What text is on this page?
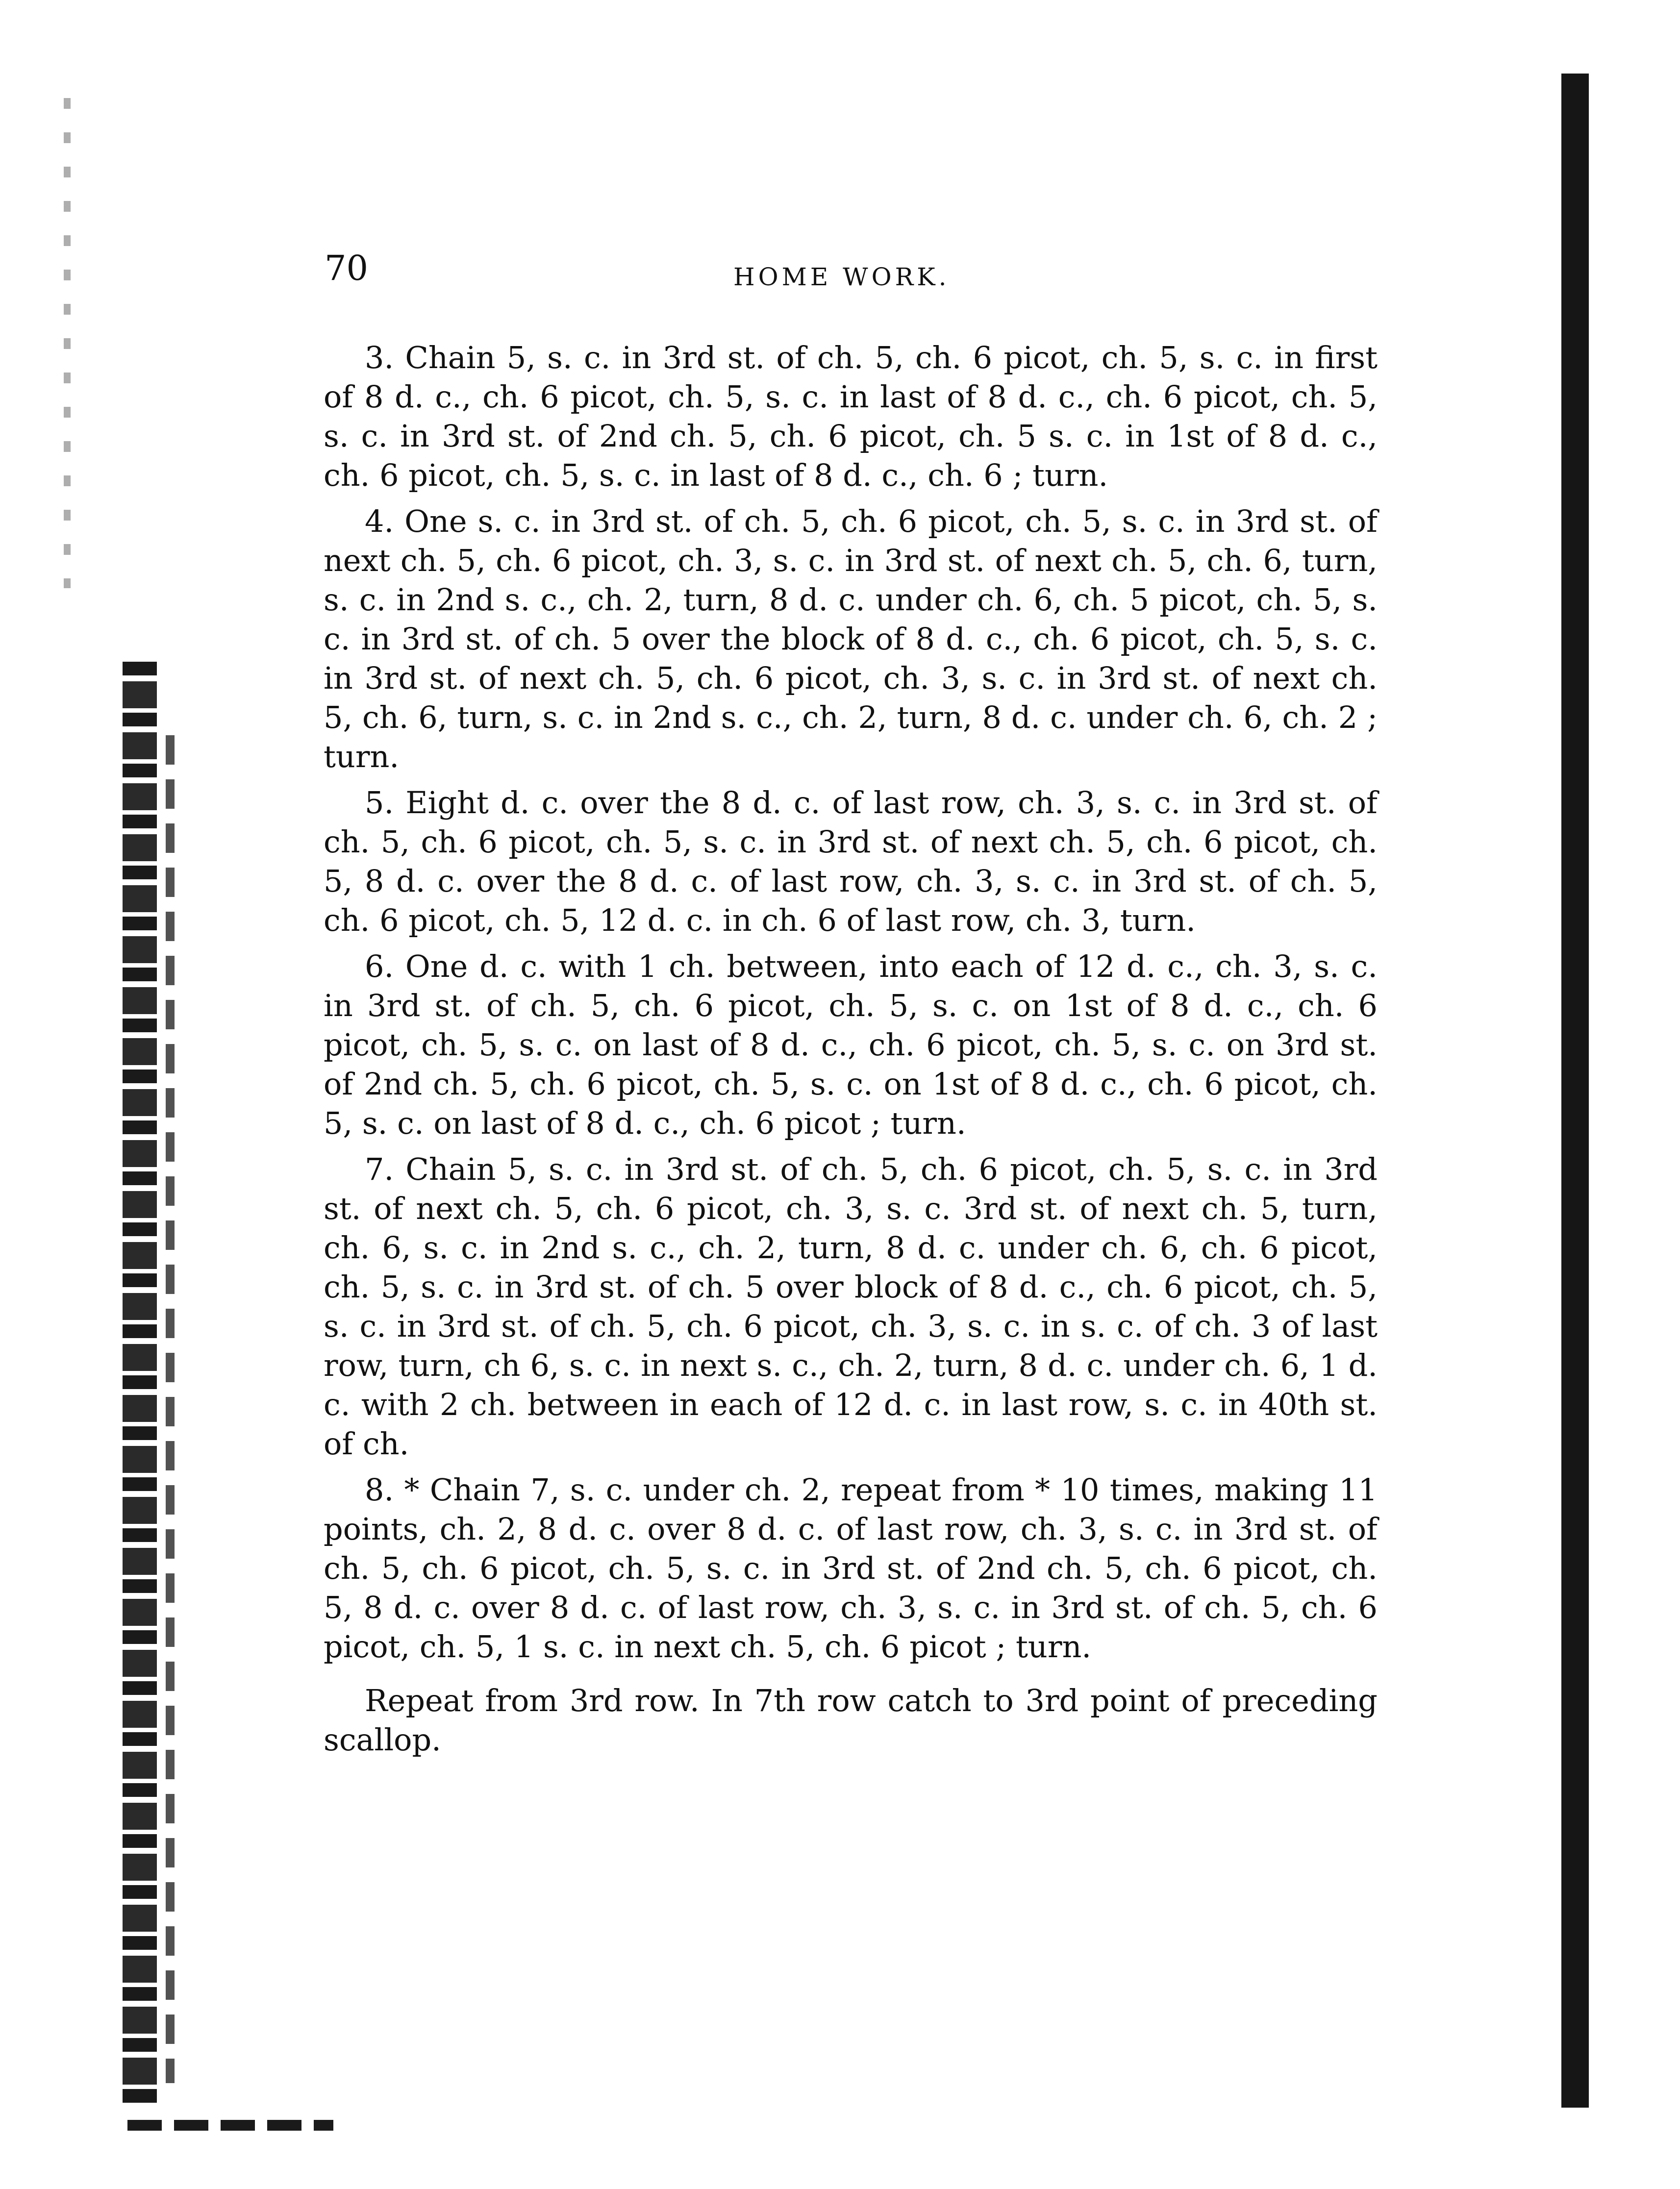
70	HOME WORK.

3. Chain 5, s. c. in 3rd st. of ch. 5, ch. 6 picot, ch. 5, s. c. in first of 8 d. c., ch. 6 picot, ch. 5, s. c. in last of 8 d. c., ch. 6 picot, ch. 5, s. c. in 3rd st. of 2nd ch. 5, ch. 6 picot, ch. 5 s. c. in 1st of 8 d. c., ch. 6 picot, ch. 5, s. c. in last of 8 d. c., ch. 6 ; turn.

4. One s. c. in 3rd st. of ch. 5, ch. 6 picot, ch. 5, s. c. in 3rd st. of next ch. 5, ch. 6 picot, ch. 3, s. c. in 3rd st. of next ch. 5, ch. 6, turn, s. c. in 2nd s. c., ch. 2, turn, 8 d. c. under ch. 6, ch. 5 picot, ch. 5, s. c. in 3rd st. of ch. 5 over the block of 8 d. c., ch. 6 picot, ch. 5, s. c. in 3rd st. of next ch. 5, ch. 6 picot, ch. 3, s. c. in 3rd st. of next ch. 5, ch. 6, turn, s. c. in 2nd s. c., ch. 2, turn, 8 d. c. under ch. 6, ch. 2 ; turn.

5. Eight d. c. over the 8 d. c. of last row, ch. 3, s. c. in 3rd st. of ch. 5, ch. 6 picot, ch. 5, s. c. in 3rd st. of next ch. 5, ch. 6 picot, ch. 5, 8 d. c. over the 8 d. c. of last row, ch. 3, s. c. in 3rd st. of ch. 5, ch. 6 picot, ch. 5, 12 d. c. in ch. 6 of last row, ch. 3, turn.

6. One d. c. with 1 ch. between, into each of 12 d. c., ch. 3, s. c. in 3rd st. of ch. 5, ch. 6 picot, ch. 5, s. c. on 1st of 8 d. c., ch. 6 picot, ch. 5, s. c. on last of 8 d. c., ch. 6 picot, ch. 5, s. c. on 3rd st. of 2nd ch. 5, ch. 6 picot, ch. 5, s. c. on 1st of 8 d. c., ch. 6 picot, ch. 5, s. c. on last of 8 d. c., ch. 6 picot ; turn.

7. Chain 5, s. c. in 3rd st. of ch. 5, ch. 6 picot, ch. 5, s. c. in 3rd st. of next ch. 5, ch. 6 picot, ch. 3, s. c. 3rd st. of next ch. 5, turn, ch. 6, s. c. in 2nd s. c., ch. 2, turn, 8 d. c. under ch. 6, ch. 6 picot, ch. 5, s. c. in 3rd st. of ch. 5 over block of 8 d. c., ch. 6 picot, ch. 5, s. c. in 3rd st. of ch. 5, ch. 6 picot, ch. 3, s. c. in s. c. of ch. 3 of last row, turn, ch 6, s. c. in next s. c., ch. 2, turn, 8 d. c. under ch. 6, 1 d. c. with 2 ch. between in each of 12 d. c. in last row, s. c. in 40th st. of ch.

8. * Chain 7, s. c. under ch. 2, repeat from * 10 times, making 11 points, ch. 2, 8 d. c. over 8 d. c. of last row, ch. 3, s. c. in 3rd st. of ch. 5, ch. 6 picot, ch. 5, s. c. in 3rd st. of 2nd ch. 5, ch. 6 picot, ch. 5, 8 d. c. over 8 d. c. of last row, ch. 3, s. c. in 3rd st. of ch. 5, ch. 6 picot, ch. 5, 1 s. c. in next ch. 5, ch. 6 picot ; turn.

Repeat from 3rd row. In 7th row catch to 3rd point of preceding scallop.
